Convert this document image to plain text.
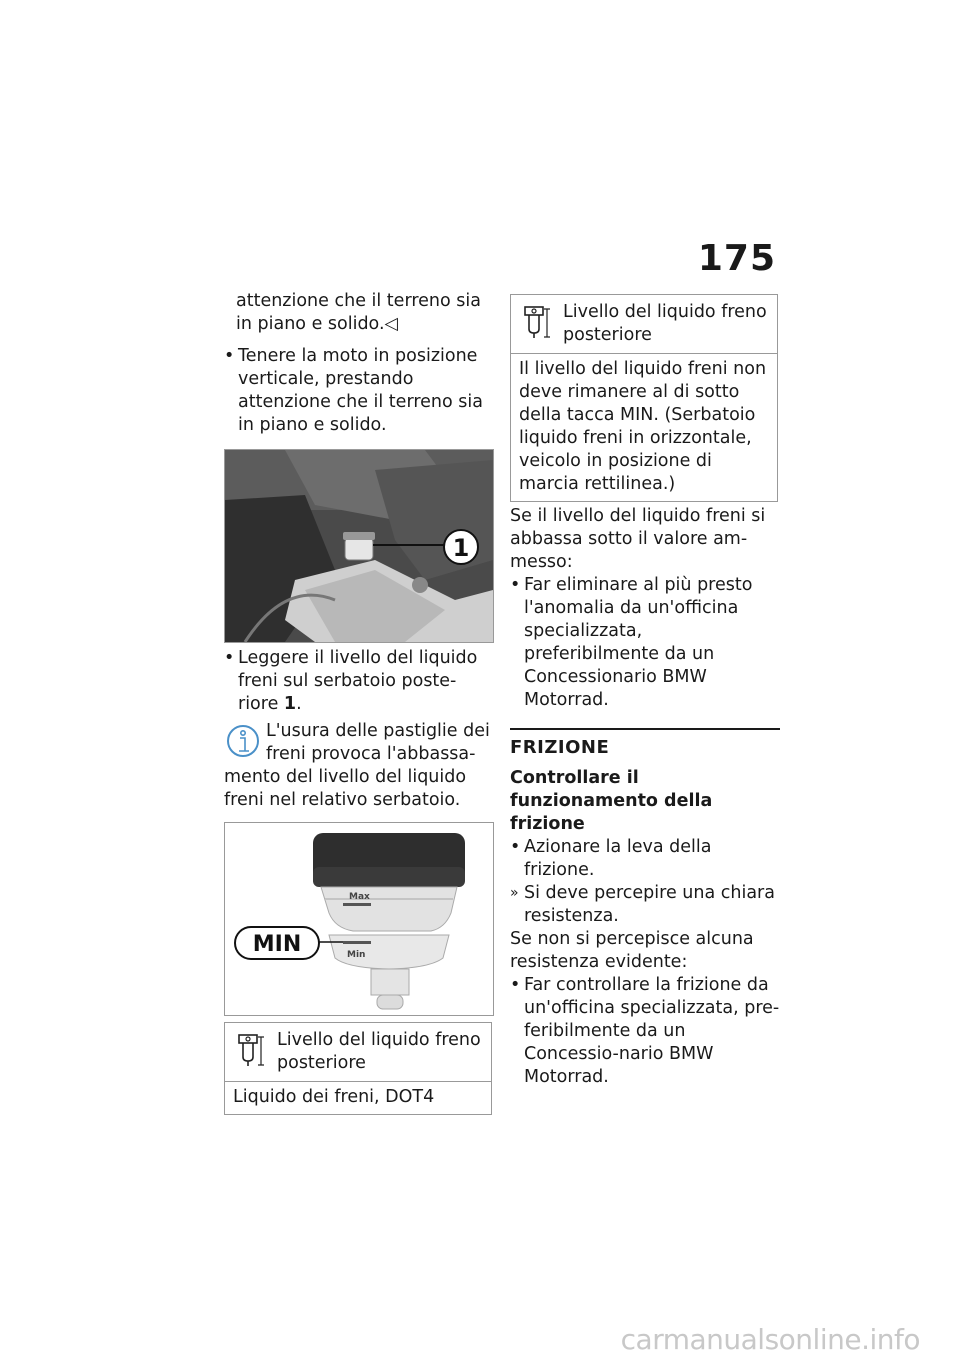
175
attenzione che il terreno sia in piano e solido.◁
• Tenere la moto in posizione verticale, prestando attenzione che il terreno sia in piano e solido.
1
• Leggere il livello del liquido freni sul serbatoio poste-riore 1.
L'usura delle pastiglie dei freni provoca l'abbassa-mento del livello del liquido freni nel relativo serbatoio.
Max
Min
MIN
Livello del liquido freno posteriore
Liquido dei freni, DOT4
Livello del liquido freno posteriore
Il livello del liquido freni non deve rimanere al di sotto della tacca MIN. (Serbatoio liquido freni in orizzontale, veicolo in posizione di marcia rettilinea.)
Se il livello del liquido freni si abbassa sotto il valore am-messo:
• Far eliminare al più presto l'anomalia da un'officina specializzata, preferibilmente da un Concessionario BMW Motorrad.
FRIZIONE
Controllare il funzionamento della frizione
• Azionare la leva della frizione.
» Si deve percepire una chiara resistenza.
Se non si percepisce alcuna resistenza evidente:
• Far controllare la frizione da un'officina specializzata, pre-feribilmente da un Concessio-nario BMW Motorrad.
carmanualsonline.info
